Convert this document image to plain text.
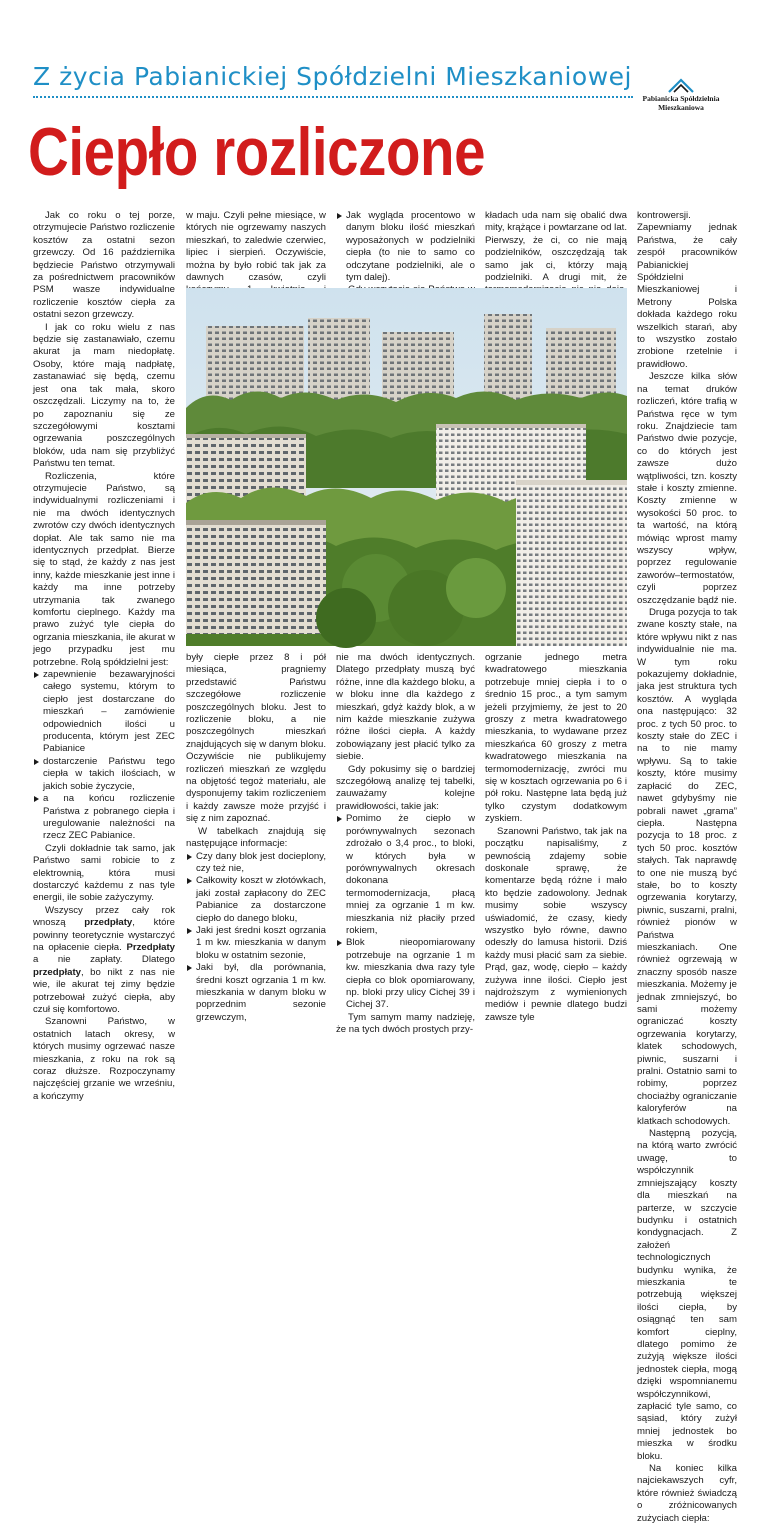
Z życia Pabianickiej Spółdzielni Mieszkaniowej
Pabianicka Spółdzielnia
Mieszkaniowa
Ciepło rozliczone

Jak co roku o tej porze, otrzymujecie Państwo rozliczenie kosztów za ostatni sezon grzewczy. Od 16 października będziecie Państwo otrzymywali za pośrednictwem pracowników PSM wasze indywidualne rozliczenie kosztów ciepła za ostatni sezon grzewczy.

I jak co roku wielu z nas będzie się zastanawiało, czemu akurat ja mam niedopłatę. Osoby, które mają nadpłatę, zastanawiać się będą, czemu jest ona tak mała, skoro oszczędzali. Liczymy na to, że po zapoznaniu się ze szczegółowymi kosztami ogrzewania poszczególnych bloków, uda nam się przybliżyć Państwu ten temat.

Rozliczenia, które otrzymujecie Państwo, są indywidualnymi rozliczeniami i nie ma dwóch identycznych zwrotów czy dwóch identycznych dopłat. Ale tak samo nie ma identycznych przedpłat. Bierze się to stąd, że każdy z nas jest inny, każde mieszkanie jest inne i każdy ma inne potrzeby utrzymania tak zwanego komfortu cieplnego. Każdy ma prawo zużyć tyle ciepła do ogrzania mieszkania, ile akurat w jego przypadku jest mu potrzebne. Rolą spółdzielni jest:

zapewnienie bezawaryjności całego systemu, którym to ciepło jest dostarczane do mieszkań – zamówienie odpowiednich ilości u producenta, którym jest ZEC Pabianice
dostarczenie Państwu tego ciepła w takich ilościach, w jakich sobie życzycie,
a na końcu rozliczenie Państwa z pobranego ciepła i uregulowanie należności na rzecz ZEC Pabianice.

Czyli dokładnie tak samo, jak Państwo sami robicie to z elektrownią, która musi dostarczyć każdemu z nas tyle energii, ile sobie zażyczymy.

Wszyscy przez cały rok wnoszą przedpłaty, które powinny teoretycznie wystarczyć na opłacenie ciepła. Przedpłaty a nie zapłaty. Dlatego przedpłaty, bo nikt z nas nie wie, ile akurat tej zimy będzie potrzebował zużyć ciepła, aby czuł się komfortowo.

Szanowni Państwo, w ostatnich latach okresy, w których musimy ogrzewać nasze mieszkania, z roku na rok są coraz dłuższe. Rozpoczynamy najczęściej grzanie we wrześniu, a kończymy

w maju. Czyli pełne miesiące, w których nie ogrzewamy naszych mieszkań, to zaledwie czerwiec, lipiec i sierpień. Oczywiście, można by było robić tak jak za dawnych czasów, czyli

Jak wygląda procentowo w danym bloku ilość mieszkań wyposażonych w podzielniki ciepła (to nie to samo co odczytane podzielniki, ale o tym dalej).

kładach uda nam się obalić dwa mity, krążące i powtarzane od lat. Pierwszy, że ci, co nie mają podzielników, oszczędzają tak samo jak ci, którzy mają podzielniki. A drugi mit, że

były ciepłe przez 8 i pół miesiąca, pragniemy przedstawić Państwu szczegółowe rozliczenie poszczególnych bloku. Jest to rozliczenie bloku, a nie poszczególnych mieszkań znajdujących się w danym bloku. Oczywiście nie publikujemy rozliczeń mieszkań ze względu na objętość tegoż materiału, ale dysponujemy takim rozliczeniem i każdy zawsze może przyjść i się z nim zapoznać.

W tabelkach znajdują się następujące informacje:

Czy dany blok jest docieplony, czy też nie,
Całkowity koszt w złotówkach, jaki został zapłacony do ZEC Pabianice za dostarczone ciepło do danego bloku,
Jaki jest średni koszt ogrzania 1 m kw. mieszkania w danym bloku w ostatnim sezonie,
Jaki był, dla porównania, średni koszt ogrzania 1 m kw. mieszkania w danym bloku w poprzednim sezonie grzewczym,

nie ma dwóch identycznych. Dlatego przedpłaty muszą być różne, inne dla każdego bloku, a w bloku inne dla każdego z mieszkań, gdyż każdy blok, a w nim każde mieszkanie zużywa różne ilości ciepła. A każdy zobowiązany jest płacić tylko za siebie.

Gdy pokusimy się o bardziej szczegółową analizę tej tabelki, zauważamy kolejne prawidłowości, takie jak:

Pomimo że ciepło w porównywalnych sezonach zdrożało o 3,4 proc., to bloki, w których była w porównywalnych okresach dokonana termomodernizacja, płacą mniej za ogrzanie 1 m kw. mieszkania niż płaciły przed rokiem,
Blok nieopomiarowany potrzebuje na ogrzanie 1 m kw. mieszkania dwa razy tyle ciepła co blok opomiarowany, np. bloki przy ulicy Cichej 39 i Cichej 37.

Tym samym mamy nadzieję, że na tych dwóch prostych przy-

ogrzanie jednego metra kwadratowego mieszkania potrzebuje mniej ciepła i to o średnio 15 proc., a tym samym jeżeli przyjmiemy, że jest to 20 groszy z metra kwadratowego mieszkania, to wydawane przez mieszkańca 60 groszy z metra kwadratowego mieszkania na termomodernizację, zwróci mu się w kosztach ogrzewania po 6 i pół roku. Następne lata będą już tylko czystym dodatkowym zyskiem.

Szanowni Państwo, tak jak na początku napisaliśmy, z pewnością zdajemy sobie doskonale sprawę, że komentarze będą różne i mało kto będzie zadowolony. Jednak musimy sobie wszyscy uświadomić, że czasy, kiedy wszystko było równe, dawno odeszły do lamusa historii. Dziś każdy musi płacić sam za siebie. Prąd, gaz, wodę, ciepło – każdy zużywa inne ilości. Ciepło jest najdroższym z wymienionych mediów i pewnie dlatego budzi zawsze tyle

kontrowersji. Zapewniamy jednak Państwa, że cały zespół pracowników Pabianickiej Spółdzielni Mieszkaniowej i Metrony Polska dokłada każdego roku wszelkich starań, aby to wszystko zostało zrobione rzetelnie i prawidłowo.

Jeszcze kilka słów na temat druków rozliczeń, które trafią w Państwa ręce w tym roku. Znajdziecie tam Państwo dwie pozycje, co do których jest zawsze dużo wątpliwości, tzn. koszty stałe i koszty zmienne. Koszty zmienne w wysokości 50 proc. to ta wartość, na którą mówiąc wprost mamy wszyscy wpływ, poprzez regulowanie zaworów–termostatów, czyli poprzez oszczędzanie bądź nie.

Druga pozycja to tak zwane koszty stałe, na które wpływu nikt z nas indywidualnie nie ma. W tym roku pokazujemy dokładnie, jaka jest struktura tych kosztów. A wygląda ona następująco: 32 proc. z tych 50 proc. to koszty stałe do ZEC i na to nie mamy wpływu. Są to takie koszty, które musimy zapłacić do ZEC, nawet gdybyśmy nie pobrali nawet „grama” ciepła. Następna pozycja to 18 proc. z tych 50 proc. kosztów stałych. Tak naprawdę to one nie muszą być stałe, bo to koszty ogrzewania korytarzy, piwnic, suszarni, pralni, również pionów w Państwa mieszkaniach. One również ogrzewają w znaczny sposób nasze mieszkania. Możemy je jednak zmniejszyć, bo sami możemy ograniczać koszty ogrzewania korytarzy, klatek schodowych, piwnic, suszarni i pralni. Ostatnio sami to robimy, poprzez chociażby ograniczanie kaloryferów na klatkach schodowych.

Następną pozycją, na którą warto zwrócić uwagę, to współczynnik zmniejszający koszty dla mieszkań na parterze, w szczycie budynku i ostatnich kondygnacjach. Z założeń technologicznych budynku wynika, że mieszkania te potrzebują większej ilości ciepła, by osiągnąć ten sam komfort cieplny, dlatego pomimo że zużyją większe ilości jednostek ciepła, mogą dzięki wspomnianemu współczynnikowi, zapłacić tyle samo, co sąsiad, który zużył mniej jednostek bo mieszka w środku bloku.

Na koniec kilka najciekawszych cyfr, które również świadczą o zróżnicowanych zużyciach ciepła:
